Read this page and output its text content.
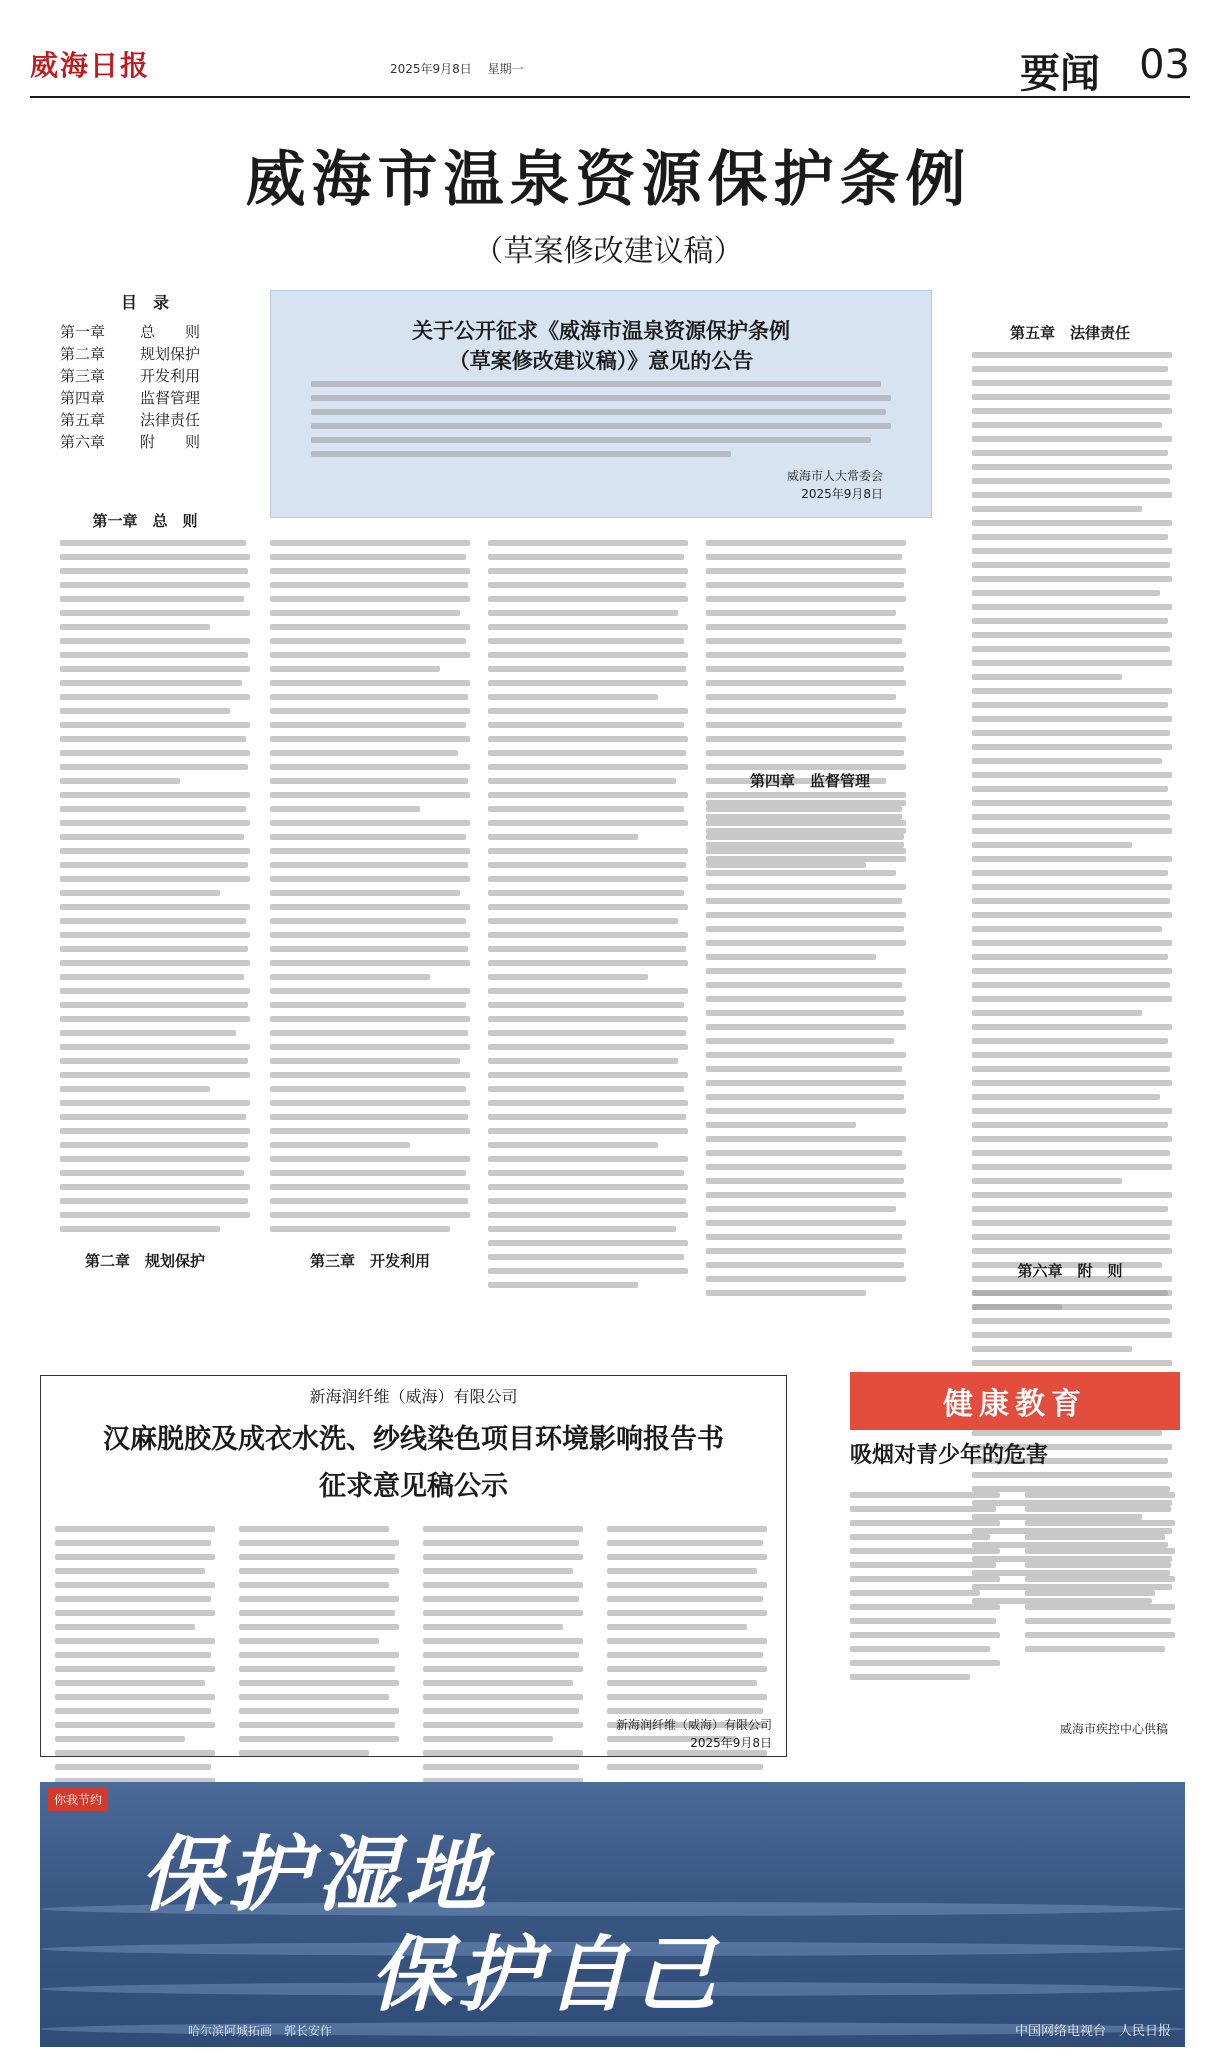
威海日报	2025年9月8日　 星期一	要闻 03
威海市温泉资源保护条例
（草案修改建议稿）
目　录
第一章	总　　则
第二章	规划保护
第三章	开发利用
第四章	监督管理
第五章	法律责任
第六章	附　　则
关于公开征求《威海市温泉资源保护条例
（草案修改建议稿）》意见的公告
威海市人大常委会
2025年9月8日
第一章　总　则
第二章　规划保护	第三章　开发利用
第四章　监督管理
第五章　法律责任
第六章　附　则
新海润纤维（威海）有限公司
汉麻脱胶及成衣水洗、纱线染色项目环境影响报告书
征求意见稿公示
新海润纤维（威海）有限公司
2025年9月8日
健康教育
吸烟对青少年的危害
威海市疾控中心供稿
你我节约
保护湿地
保护自己
哈尔滨阿城拓画　郭长安作	中国网络电视台　人民日报
